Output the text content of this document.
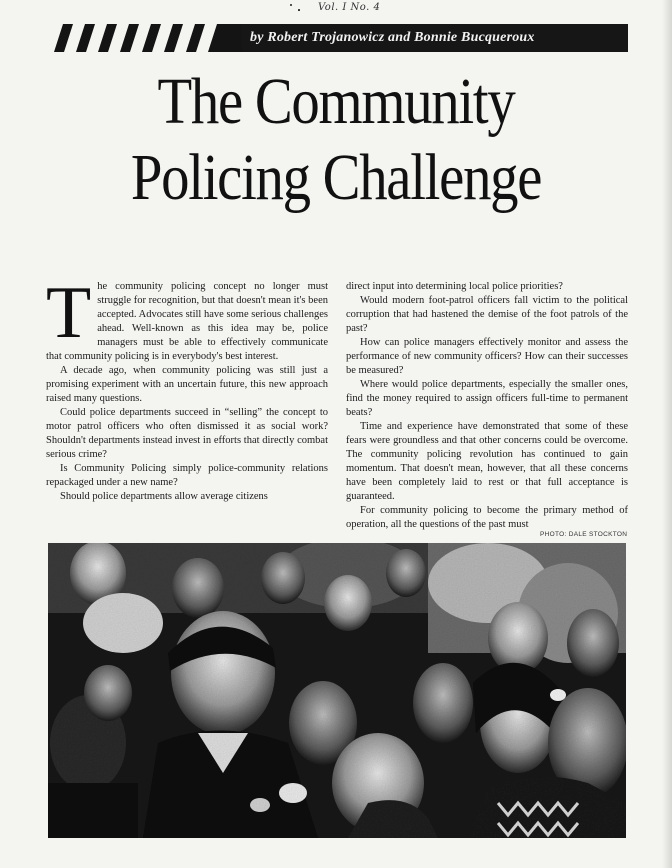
Vol. I No. 4
by Robert Trojanowicz and Bonnie Bucqueroux
The Community
Policing Challenge

The community policing concept no longer must struggle for recognition, but that doesn't mean it's been accepted. Advocates still have some serious challenges ahead. Well-known as this idea may be, police managers must be able to effectively communicate that community policing is in everybody's best interest.

A decade ago, when community policing was still just a promising experiment with an uncertain future, this new approach raised many questions.

Could police departments succeed in “selling” the concept to motor patrol officers who often dismissed it as social work? Shouldn't departments instead invest in efforts that directly combat serious crime?

Is Community Policing simply police-community relations repackaged under a new name?

Should police departments allow average citizens

direct input into determining local police priorities?

Would modern foot-patrol officers fall victim to the political corruption that had hastened the demise of the foot patrols of the past?

How can police managers effectively monitor and assess the performance of new community officers? How can their successes be measured?

Where would police departments, especially the smaller ones, find the money required to assign officers full-time to permanent beats?

Time and experience have demonstrated that some of these fears were groundless and that other concerns could be overcome. The community policing revolution has continued to gain momentum. That doesn't mean, however, that all these concerns have been completely laid to rest or that full acceptance is guaranteed.

For community policing to become the primary method of operation, all the questions of the past must

PHOTO: DALE STOCKTON
